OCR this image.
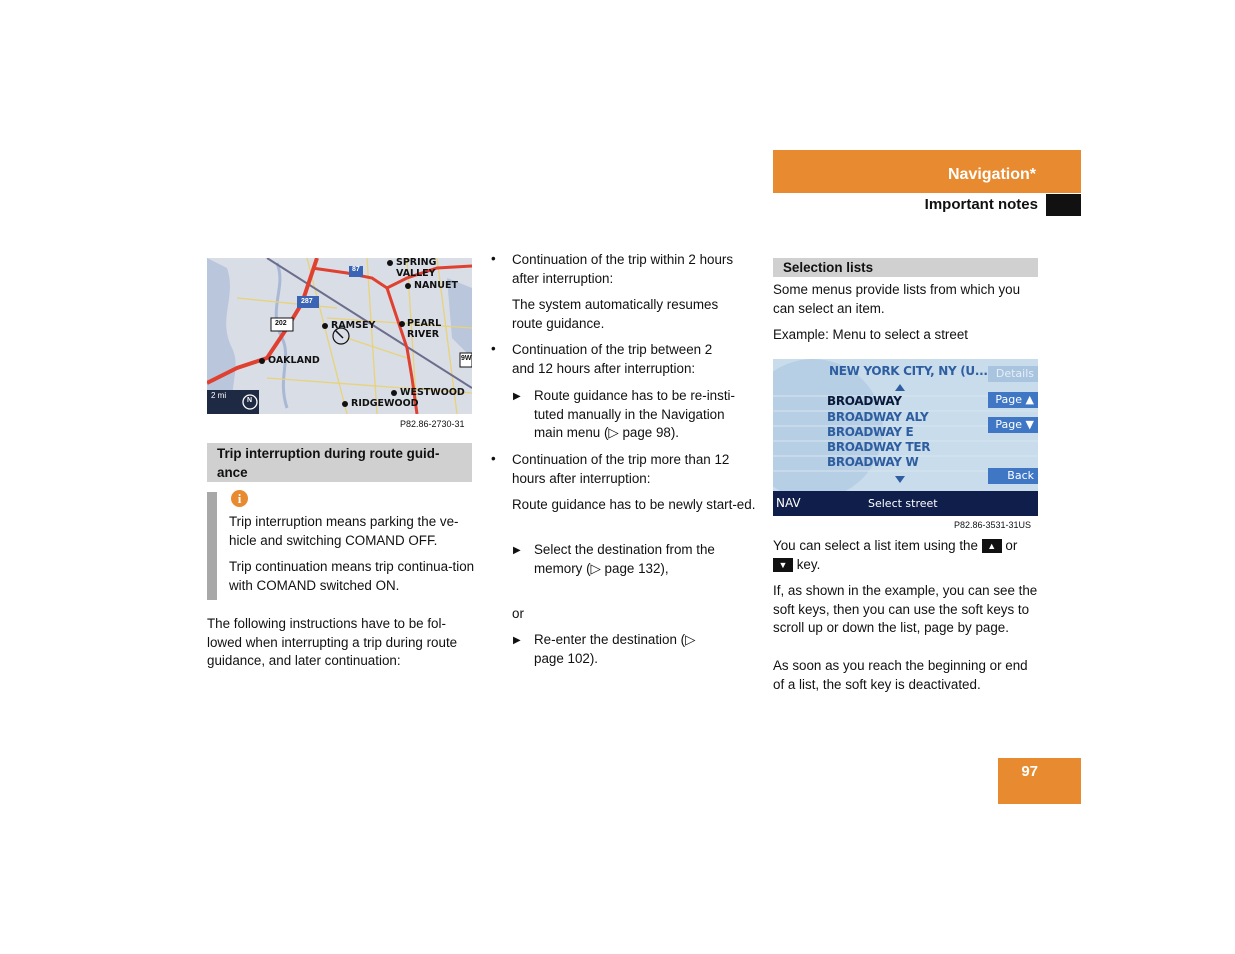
Navigation*
Important notes
SPRING VALLEY
NANUET
RAMSEY	PEARL RIVER
OAKLAND
WESTWOOD
RIDGEWOOD
87
287
202
9W
2 mi
N
P82.86-2730-31
Trip interruption during route guid-ance
i
Trip interruption means parking the ve-hicle and switching COMAND OFF.
Trip continuation means trip continua-tion with COMAND switched ON.
The following instructions have to be fol-lowed when interrupting a trip during route guidance, and later continuation:
• Continuation of the trip within 2 hours after interruption:
The system automatically resumes route guidance.
• Continuation of the trip between 2 and 12 hours after interruption:
▶ Route guidance has to be re-insti-tuted manually in the Navigation main menu (▷ page 98).
• Continuation of the trip more than 12 hours after interruption:
Route guidance has to be newly start-ed.
▶ Select the destination from the memory (▷ page 132),
or
▶ Re-enter the destination (▷ page 102).
Selection lists
Some menus provide lists from which you can select an item.
Example: Menu to select a street
NEW YORK CITY, NY (U...
BROADWAY
BROADWAY ALY
BROADWAY E
BROADWAY TER
BROADWAY W
Details
Page ▲
Page ▼
Back
NAV	Select street
P82.86-3531-31US
You can select a list item using the ▲ or
▼ key.
If, as shown in the example, you can see the soft keys, then you can use the soft keys to scroll up or down the list, page by page.
As soon as you reach the beginning or end of a list, the soft key is deactivated.
97
